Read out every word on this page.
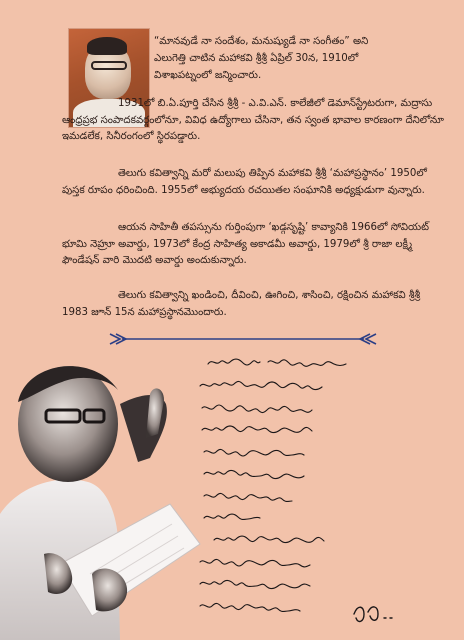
“మానవుడే నా సందేశం, మనుష్యుడే నా సంగీతం” అని

ఎలుగెత్తి చాటిన మహాకవి శ్రీశ్రీ ఏప్రిల్ 30న, 1910లో

విశాఖపట్నంలో జన్మించారు.

1931లో బి.ఏ.పూర్తి చేసిన శ్రీశ్రీ - ఎ.వి.ఎన్. కాలేజీలో డెమాన్‌స్ట్రేటరుగా, మద్రాసు ఆంధ్రప్రభ సంపాదకవర్గంలోనూ, వివిధ ఉద్యోగాలు చేసినా, తన స్వంత భావాల కారణంగా దేనిలోనూ ఇమడలేక, సినీరంగంలో స్థిరపడ్డారు.

తెలుగు కవిత్వాన్ని మరో మలుపు తిప్పిన మహాకవి శ్రీశ్రీ ‘మహాప్రస్థానం’ 1950లో పుస్తక రూపం ధరించింది. 1955లో అభ్యుదయ రచయితల సంఘానికి అధ్యక్షుడుగా వున్నారు.

ఆయన సాహితీ తపస్సును గుర్తింపుగా ‘ఖడ్గసృష్టి’ కావ్యానికి 1966లో సోవియట్ భూమి నెహ్రూ అవార్డు, 1973లో కేంద్ర సాహిత్య అకాడమీ అవార్డు, 1979లో శ్రీ రాజా లక్ష్మీ ఫౌండేషన్ వారి మొదటి అవార్డు అందుకున్నారు.

తెలుగు కవిత్వాన్ని ఖండించి, దీవించి, ఊగించి, శాసించి, రక్షించిన మహాకవి శ్రీశ్రీ 1983 జూన్ 15న మహాప్రస్థానమొందారు.
